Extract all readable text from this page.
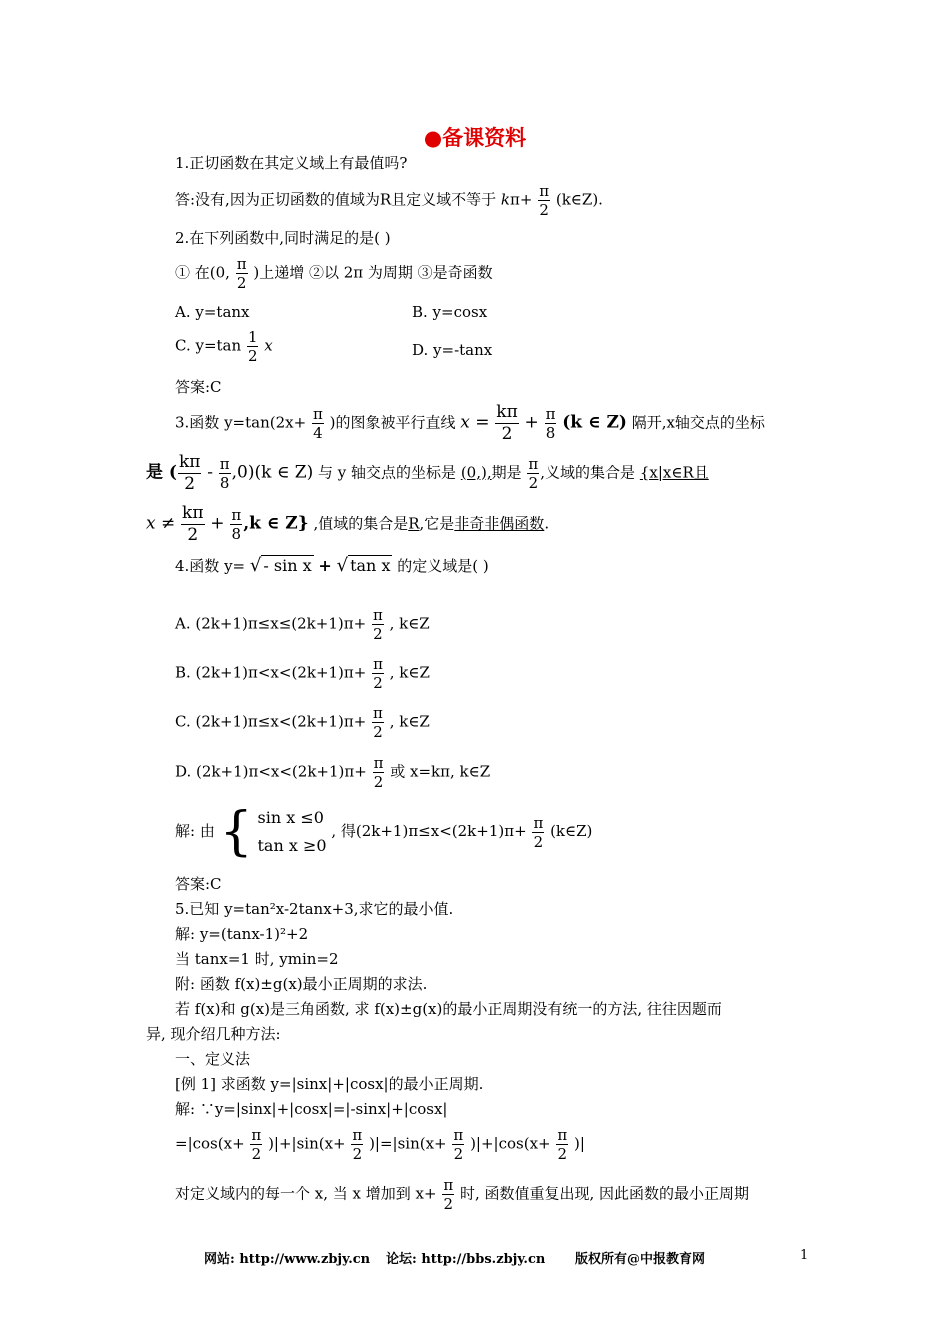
●备课资料
1.正切函数在其定义域上有最值吗?
答:没有,因为正切函数的值域为R且定义域不等于 $k\pi+ \frac{\pi}{2}$ (k∈Z).
2.在下列函数中,同时满足的是( )
① 在(0, $\frac{\pi}{2}$ )上递增 ②以 2π 为周期 ③是奇函数
A. y=tanx	B. y=cosx
C. $y=\tan \frac{1}{2}$ x	D. y=-tanx
答案:C
3.函数 $y=\tan(2x+ \frac{\pi}{4}$ )的图象被平行直线 $x = \frac{k\pi}{2} + \frac{\pi}{8} (k$ ∈ Z) 隔开,x轴交点的坐标
是 ( $\frac{k\pi}{2} - \frac{\pi}{8} ,0)(k$ ∈ Z) 与 y 轴交点的坐标是 (0,),期是 $\frac{\pi}{2}$ ,义域的集合是 {x|x∈R且
$x \ne \frac{k\pi}{2} + \frac{\pi}{8} ,k$ ∈ Z} ,值域的集合是R,它是非奇非偶函数.
4.函数 y= √ - sin x + √ tan x 的定义域是( )
A. $(2k+1)\pi\le x\le(2k+1)\pi+ \frac{\pi}{2}$ , k∈Z
B. $(2k+1)\pi<x<(2k+1)\pi+ \frac{\pi}{2}$ , k∈Z
C. $(2k+1)\pi\le x<(2k+1)\pi+ \frac{\pi}{2}$ , k∈Z
D. $(2k+1)\pi<x<(2k+1)\pi+ \frac{\pi}{2}$ 或 x=kπ, k∈Z
解: 由 { sin x ≤0
tan x ≥0
, 得$(2k+1)\pi\le x<(2k+1)\pi+ \frac{\pi}{2}$ (k∈Z)
答案:C
5.已知 y=tan²x-2tanx+3,求它的最小值.
解: y=(tanx-1)²+2
当 tanx=1 时, ymin=2
附: 函数 f(x)±g(x)最小正周期的求法.
若 f(x)和 g(x)是三角函数, 求 f(x)±g(x)的最小正周期没有统一的方法, 往往因题而
异, 现介绍几种方法:
一、定义法
[例 1] 求函数 y=|sinx|+|cosx|的最小正周期.
解: ∵y=|sinx|+|cosx|=|-sinx|+|cosx|
$=|\cos(x+ \frac{\pi}{2} )|+|\sin(x+ \frac{\pi}{2} )|=|\sin(x+ \frac{\pi}{2} )|+|\cos(x+ \frac{\pi}{2}$ )|
对定义域内的每一个 x, 当 x 增加到 $x+ \frac{\pi}{2}$ 时, 函数值重复出现, 因此函数的最小正周期
网站: http://www.zbjy.cn 论坛: http://bbs.zbjy.cn 版权所有@中报教育网	1
